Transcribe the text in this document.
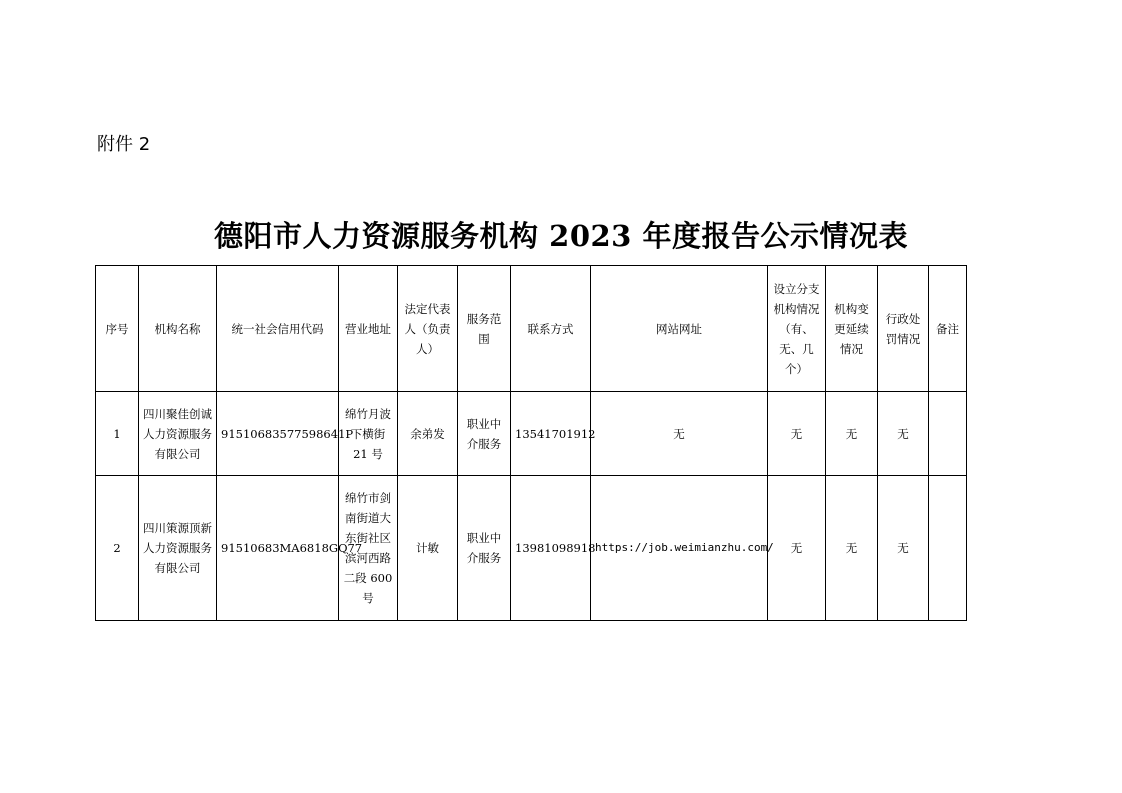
附件 2
德阳市人力资源服务机构 2023 年度报告公示情况表
序号	机构名称	统一社会信用代码	营业地址	法定代表人（负责人）	服务范围	联系方式	网站网址	设立分支机构情况（有、无、几个）	机构变更延续情况	行政处罚情况	备注
1	四川聚佳创诚人力资源服务有限公司	91510683577598641P	绵竹月波下横街 21 号	余弟发	职业中介服务	13541701912	无	无	无	无	
2	四川策源顶新人力资源服务有限公司	91510683MA6818GQ77	绵竹市剑南街道大东街社区滨河西路二段 600 号	计敏	职业中介服务	13981098918	https://job.weimianzhu.com/	无	无	无	
